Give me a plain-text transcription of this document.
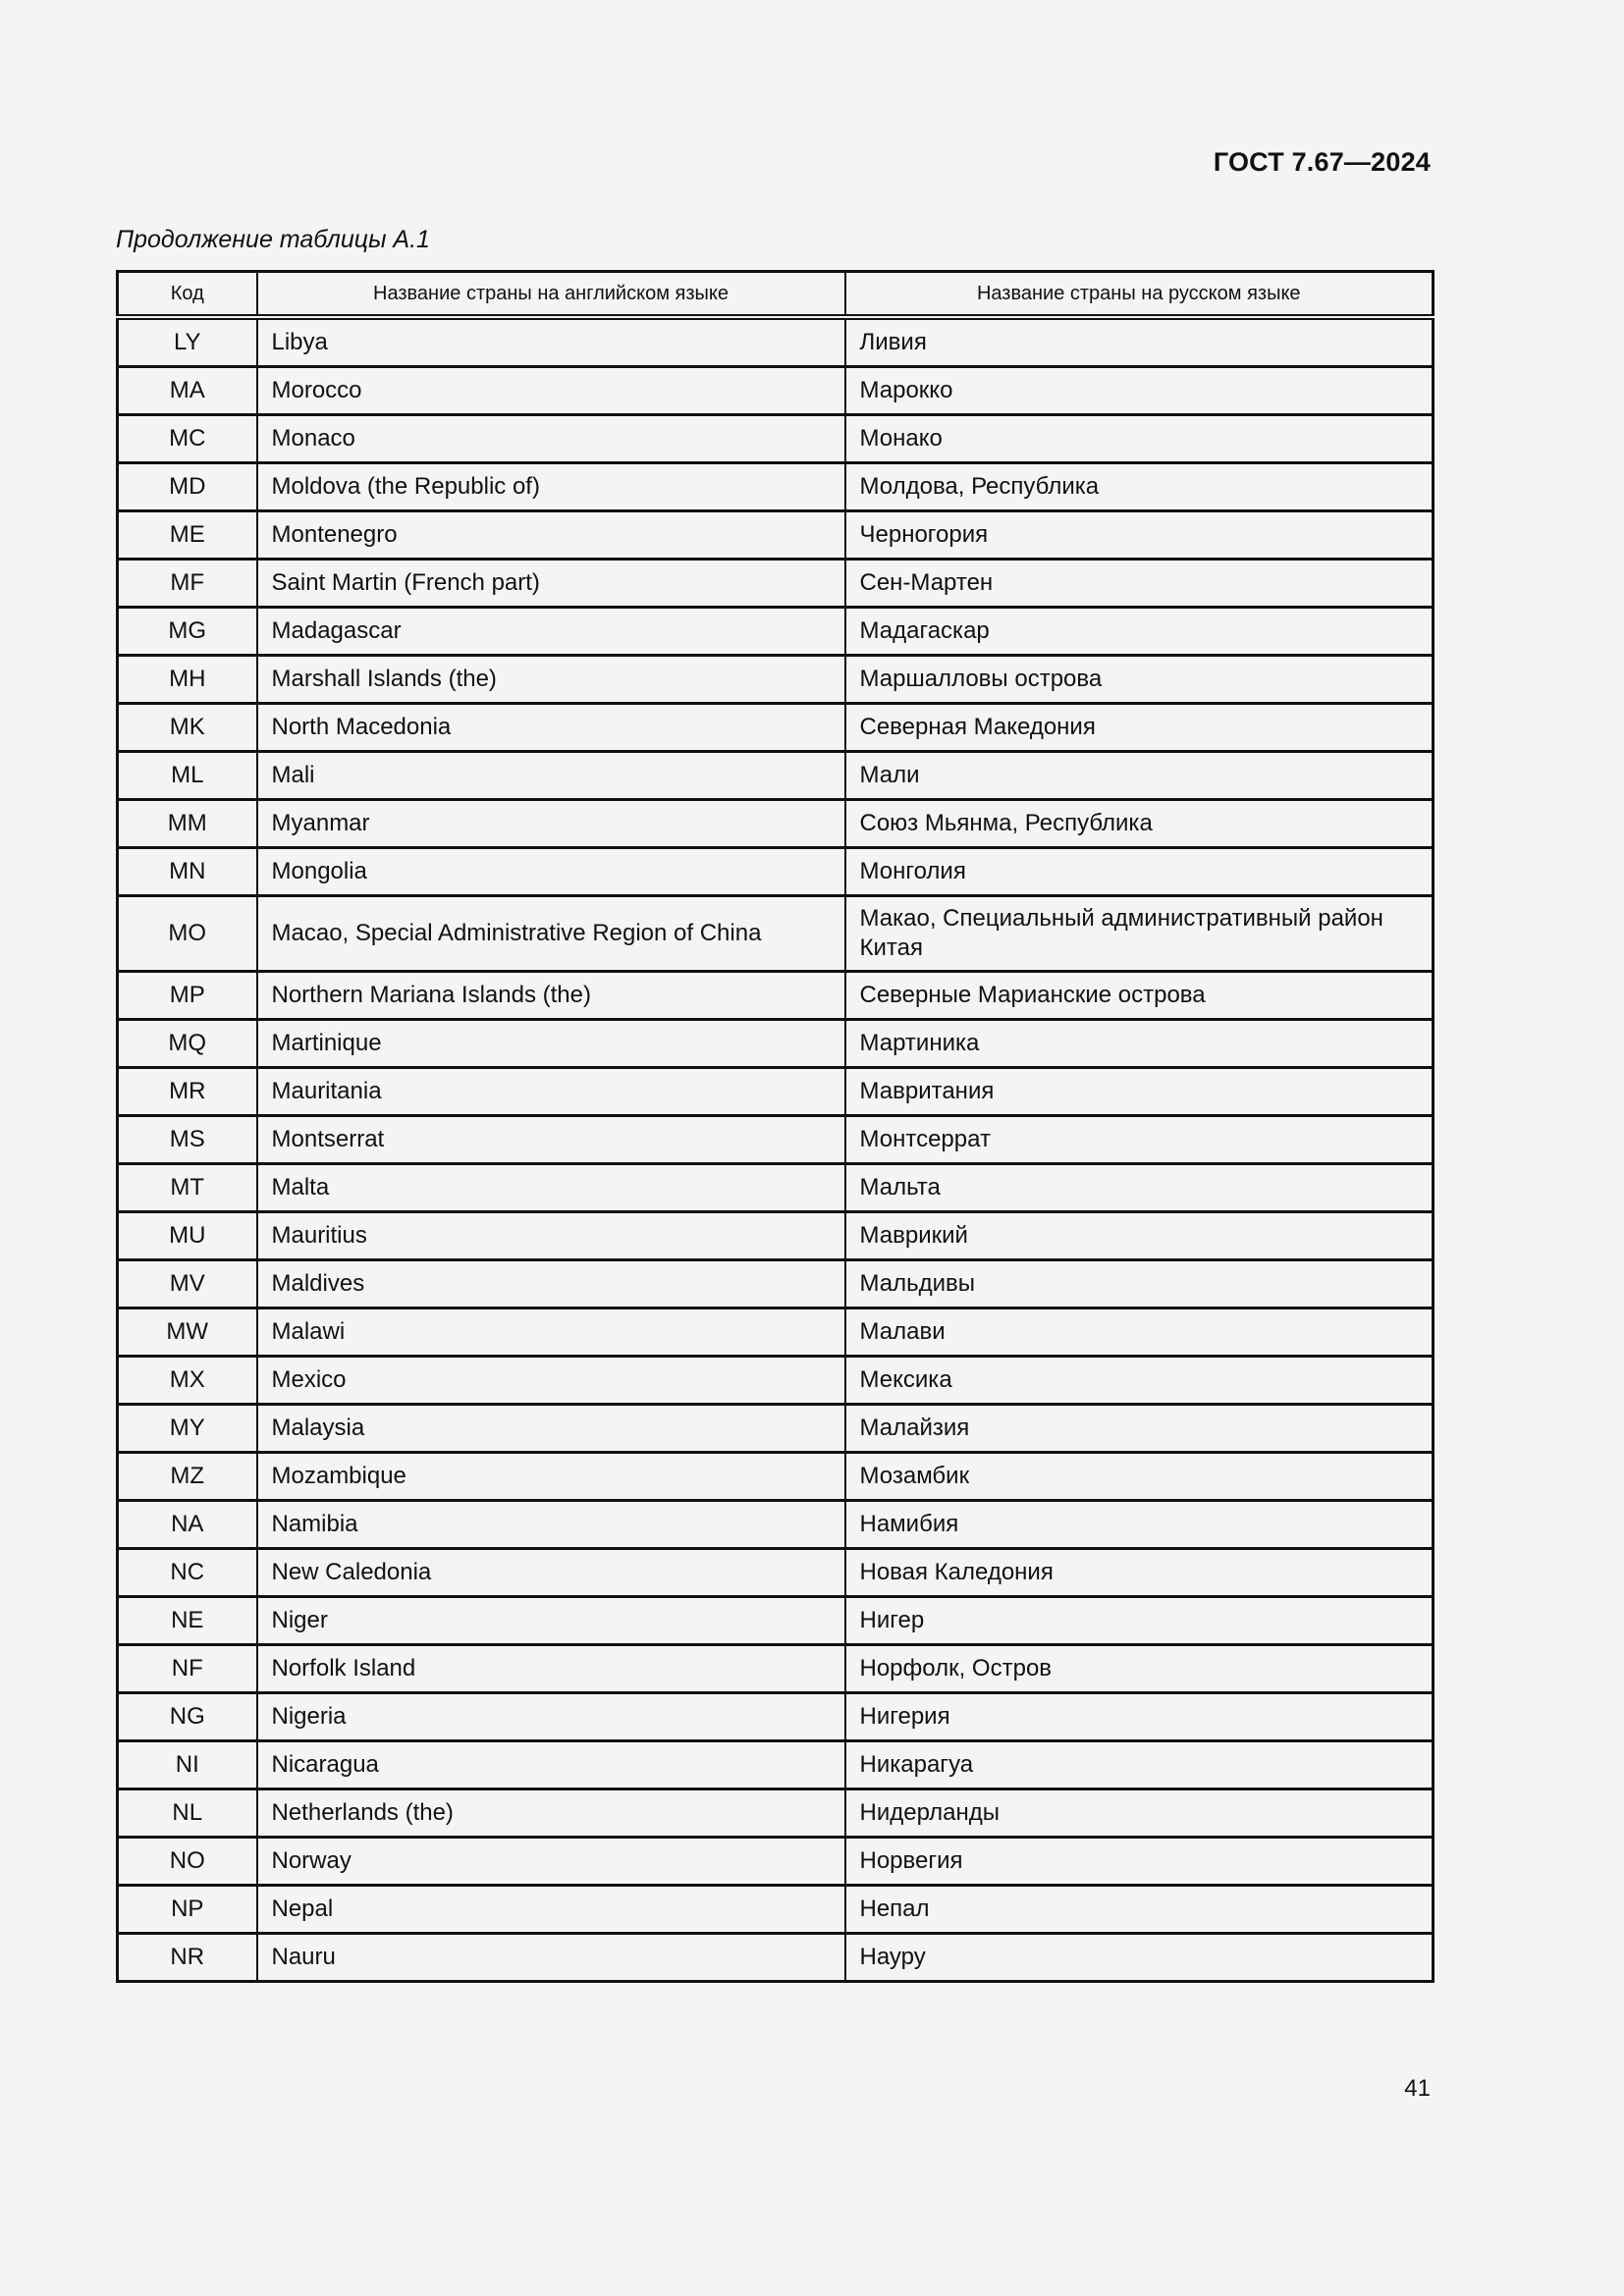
ГОСТ 7.67—2024
Продолжение таблицы А.1
Код	Название страны на английском языке	Название страны на русском языке
LY	Libya	Ливия
MA	Morocco	Марокко
MC	Monaco	Монако
MD	Moldova (the Republic of)	Молдова, Республика
ME	Montenegro	Черногория
MF	Saint Martin (French part)	Сен-Мартен
MG	Madagascar	Мадагаскар
MH	Marshall Islands (the)	Маршалловы острова
MK	North Macedonia	Северная Македония
ML	Mali	Мали
MM	Myanmar	Союз Мьянма, Республика
MN	Mongolia	Монголия
MO	Macao, Special Administrative Region of China	Макао, Специальный административный район Китая
MP	Northern Mariana Islands (the)	Северные Марианские острова
MQ	Martinique	Мартиника
MR	Mauritania	Мавритания
MS	Montserrat	Монтсеррат
MT	Malta	Мальта
MU	Mauritius	Маврикий
MV	Maldives	Мальдивы
MW	Malawi	Малави
MX	Mexico	Мексика
MY	Malaysia	Малайзия
MZ	Mozambique	Мозамбик
NA	Namibia	Намибия
NC	New Caledonia	Новая Каледония
NE	Niger	Нигер
NF	Norfolk Island	Норфолк, Остров
NG	Nigeria	Нигерия
NI	Nicaragua	Никарагуа
NL	Netherlands (the)	Нидерланды
NO	Norway	Норвегия
NP	Nepal	Непал
NR	Nauru	Науру
41
